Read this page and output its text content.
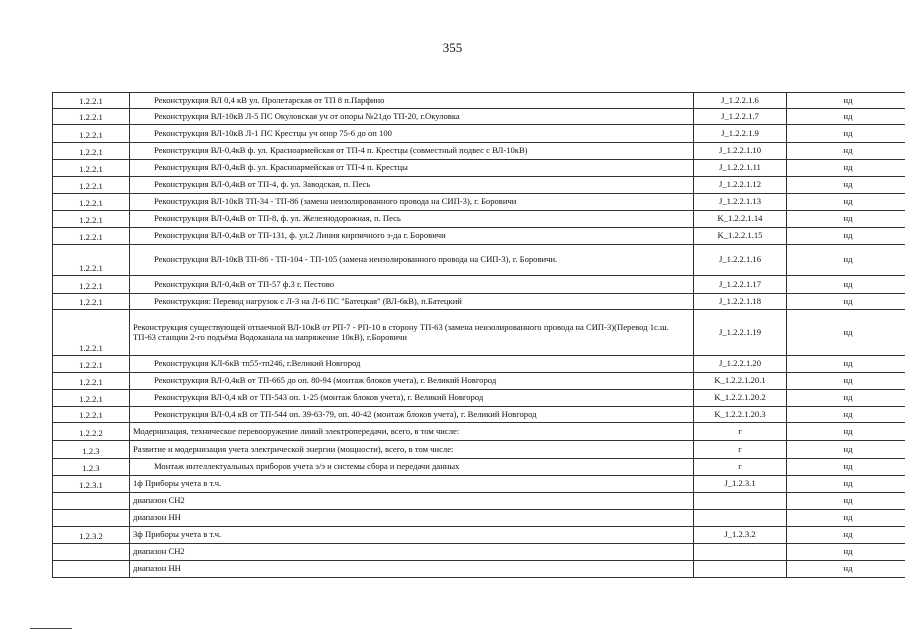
355
1.2.2.1	Реконструкция ВЛ 0,4 кВ ул. Пролетарская от ТП 8 п.Парфино	J_1.2.2.1.6	нд
1.2.2.1	Реконструкция ВЛ-10кВ Л-5 ПС Окуловская уч от опоры №21до ТП-20, г.Окуловка	J_1.2.2.1.7	нд
1.2.2.1	Реконструкция ВЛ-10кВ Л-1 ПС Крестцы уч опор 75-6 до оп 100	J_1.2.2.1.9	нд
1.2.2.1	Реконструкция ВЛ-0,4кВ ф. ул. Красноармейская от ТП-4 п. Крестцы (совместный подвес с ВЛ-10кВ)	J_1.2.2.1.10	нд
1.2.2.1	Реконструкция ВЛ-0,4кВ ф. ул. Красноармейская от ТП-4 п. Крестцы	J_1.2.2.1.11	нд
1.2.2.1	Реконструкция ВЛ-0,4кВ от ТП-4, ф. ул. Заводская, п. Песь	J_1.2.2.1.12	нд
1.2.2.1	Реконструкция ВЛ-10кВ ТП-34 - ТП-86 (замена неизолированного провода на СИП-3), г. Боровичи	J_1.2.2.1.13	нд
1.2.2.1	Реконструкция ВЛ-0,4кВ от ТП-8, ф. ул. Железнодорожная, п. Песь	K_1.2.2.1.14	нд
1.2.2.1	Реконструкция ВЛ-0,4кВ от ТП-131, ф. ул.2 Линия кирпичного з-да г. Боровичи	K_1.2.2.1.15	нд
1.2.2.1	Реконструкция ВЛ-10кВ ТП-86 - ТП-104 - ТП-105 (замена неизолированного провода на СИП-3), г. Боровичи.	J_1.2.2.1.16	нд
1.2.2.1	Реконструкция ВЛ-0,4кВ от ТП-57 ф.3 г. Пестово	J_1.2.2.1.17	нд
1.2.2.1	Реконструкция: Перевод нагрузок с Л-3 на Л-6 ПС "Батецкая" (ВЛ-6кВ), п.Батецкий	J_1.2.2.1.18	нд
1.2.2.1	Реконструкция существующей отпаечной ВЛ-10кВ от РП-7 - РП-10 в сторону ТП-63 (замена неизолированного провода на СИП-3)(Перевод 1с.ш. ТП-63 станции 2-го подъёма Водоканала на напряжение 10кВ), г.Боровичи	J_1.2.2.1.19	нд
1.2.2.1	Реконструкция КЛ-6кВ тп55-тп246, г.Великий Новгород	J_1.2.2.1.20	нд
1.2.2.1	Реконструкция ВЛ-0,4кВ от ТП-665 до оп. 80-94 (монтаж блоков учета), г. Великий Новгород	K_1.2.2.1.20.1	нд
1.2.2.1	Реконструкция ВЛ-0,4 кВ от ТП-543 оп. 1-25 (монтаж блоков учета), г. Великий Новгород	K_1.2.2.1.20.2	нд
1.2.2.1	Реконструкция ВЛ-0,4 кВ от ТП-544 оп. 39-63-79, оп. 40-42 (монтаж блоков учета), г. Великий Новгород	K_1.2.2.1.20.3	нд
1.2.2.2	Модернизация, техническое перевооружение линий электропередачи, всего, в том числе:	г	нд
1.2.3	Развитие и модернизация учета электрической энергии (мощности), всего, в том числе:	г	нд
1.2.3	Монтаж интеллектуальных приборов учета э/э и системы сбора и передачи данных	г	нд
1.2.3.1	1ф Приборы учета в т.ч.	J_1.2.3.1	нд
	диапазон СН2		нд
	диапазон НН		нд
1.2.3.2	3ф Приборы учета в т.ч.	J_1.2.3.2	нд
	диапазон СН2		нд
	диапазон НН		нд
